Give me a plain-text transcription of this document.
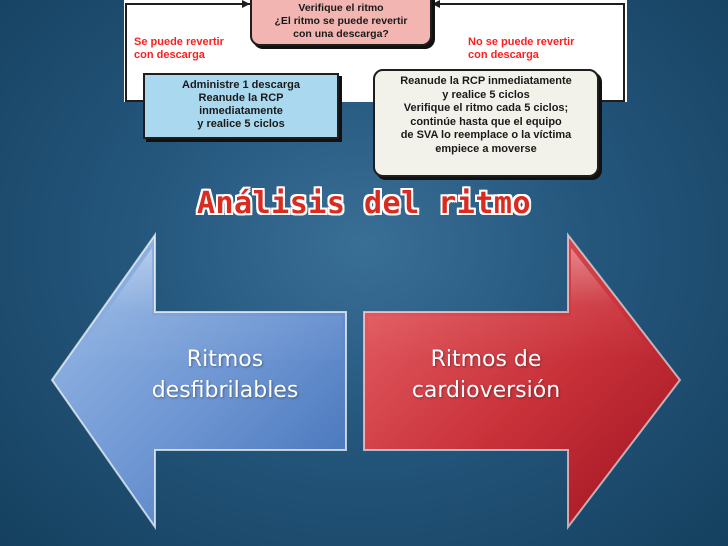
Verifique el ritmo
¿El ritmo se puede revertir
con una descarga?
Se puede revertir
con descarga
No se puede revertir
con descarga
Administre 1 descarga
Reanude la RCP
inmediatamente
y realice 5 ciclos
Reanude la RCP inmediatamente
y realice 5 ciclos
Verifique el ritmo cada 5 ciclos;
continúe hasta que el equipo
de SVA lo reemplace o la víctima
empiece a moverse
Análisis del ritmo
Ritmos
desfibrilables
Ritmos de
cardioversión
